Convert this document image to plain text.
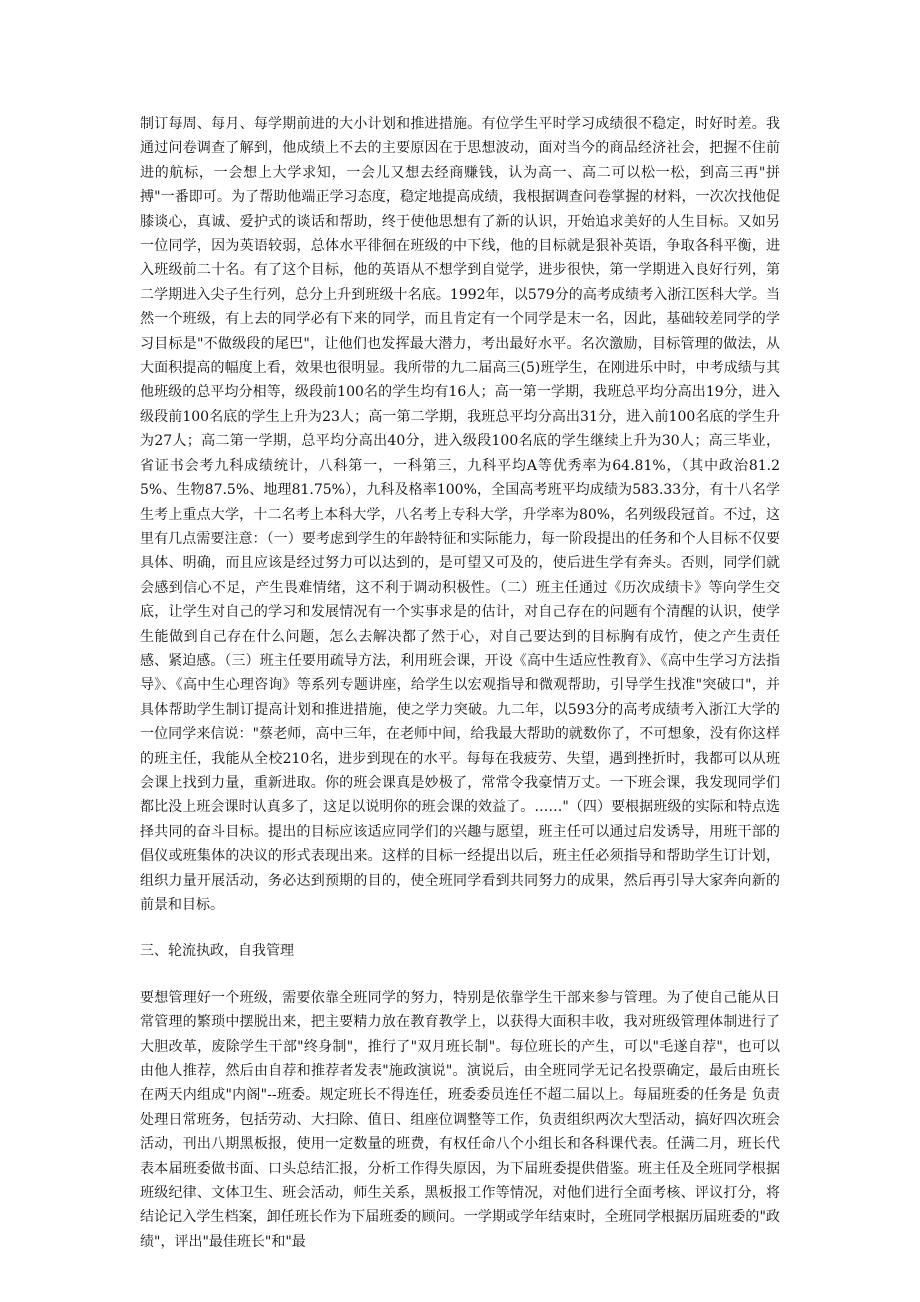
制订每周、每月、每学期前进的大小计划和推进措施。有位学生平时学习成绩很不稳定，时好时差。我通过问卷调查了解到，他成绩上不去的主要原因在于思想波动，面对当今的商品经济社会，把握不住前进的航标，一会想上大学求知，一会儿又想去经商赚钱，认为高一、高二可以松一松，到高三再"拼搏"一番即可。为了帮助他端正学习态度，稳定地提高成绩，我根据调查问卷掌握的材料，一次次找他促膝谈心，真诚、爱护式的谈话和帮助，终于使他思想有了新的认识，开始追求美好的人生目标。又如另一位同学，因为英语较弱，总体水平徘徊在班级的中下线，他的目标就是狠补英语，争取各科平衡，进入班级前二十名。有了这个目标，他的英语从不想学到自觉学，进步很快，第一学期进入良好行列，第二学期进入尖子生行列，总分上升到班级十名底。1992年，以579分的高考成绩考入浙江医科大学。当然一个班级，有上去的同学必有下来的同学，而且肯定有一个同学是末一名，因此，基础较差同学的学习目标是"不做级段的尾巴"，让他们也发挥最大潜力，考出最好水平。名次激励，目标管理的做法，从大面积提高的幅度上看，效果也很明显。我所带的九二届高三(5)班学生，在刚进乐中时，中考成绩与其他班级的总平均分相等，级段前100名的学生均有16人；高一第一学期，我班总平均分高出19分，进入级段前100名底的学生上升为23人；高一第二学期，我班总平均分高出31分，进入前100名底的学生升为27人；高二第一学期，总平均分高出40分，进入级段100名底的学生继续上升为30人；高三毕业，省证书会考九科成绩统计，八科第一，一科第三，九科平均A等优秀率为64.81%，（其中政治81.25%、生物87.5%、地理81.75%），九科及格率100%，全国高考班平均成绩为583.33分，有十八名学生考上重点大学，十二名考上本科大学，八名考上专科大学，升学率为80%，名列级段冠首。不过，这里有几点需要注意：（一）要考虑到学生的年龄特征和实际能力，每一阶段提出的任务和个人目标不仅要具体、明确，而且应该是经过努力可以达到的，是可望又可及的，使后进生学有奔头。否则，同学们就会感到信心不足，产生畏难情绪，这不利于调动积极性。（二）班主任通过《历次成绩卡》等向学生交底，让学生对自己的学习和发展情况有一个实事求是的估计，对自己存在的问题有个清醒的认识，使学生能做到自己存在什么问题，怎么去解决都了然于心，对自己要达到的目标胸有成竹，使之产生责任感、紧迫感。（三）班主任要用疏导方法，利用班会课，开设《高中生适应性教育》、《高中生学习方法指导》、《高中生心理咨询》等系列专题讲座，给学生以宏观指导和微观帮助，引导学生找准"突破口"，并具体帮助学生制订提高计划和推进措施，使之学力突破。九二年，以593分的高考成绩考入浙江大学的一位同学来信说："蔡老师，高中三年，在老师中间，给我最大帮助的就数你了，不可想象，没有你这样的班主任，我能从全校210名，进步到现在的水平。每每在我疲劳、失望，遇到挫折时，我都可以从班会课上找到力量，重新进取。你的班会课真是妙极了，常常令我豪情万丈。一下班会课，我发现同学们都比没上班会课时认真多了，这足以说明你的班会课的效益了。……"（四）要根据班级的实际和特点选择共同的奋斗目标。提出的目标应该适应同学们的兴趣与愿望，班主任可以通过启发诱导，用班干部的倡仪或班集体的决议的形式表现出来。这样的目标一经提出以后，班主任必须指导和帮助学生订计划，组织力量开展活动，务必达到预期的目的，使全班同学看到共同努力的成果，然后再引导大家奔向新的前景和目标。

三、轮流执政，自我管理

要想管理好一个班级，需要依靠全班同学的努力，特别是依靠学生干部来参与管理。为了使自己能从日常管理的繁琐中摆脱出来，把主要精力放在教育教学上，以获得大面积丰收，我对班级管理体制进行了大胆改革，废除学生干部"终身制"，推行了"双月班长制"。每位班长的产生，可以"毛遂自荐"，也可以由他人推荐，然后由自荐和推荐者发表"施政演说"。演说后，由全班同学无记名投票确定，最后由班长在两天内组成"内阁"--班委。规定班长不得连任，班委委员连任不超二届以上。每届班委的任务是 负责处理日常班务，包括劳动、大扫除、值日、组座位调整等工作，负责组织两次大型活动，搞好四次班会活动，刊出八期黑板报，使用一定数量的班费，有权任命八个小组长和各科课代表。任满二月，班长代表本届班委做书面、口头总结汇报，分析工作得失原因，为下届班委提供借鉴。班主任及全班同学根据班级纪律、文体卫生、班会活动，师生关系，黑板报工作等情况，对他们进行全面考核、评议打分，将结论记入学生档案，卸任班长作为下届班委的顾问。一学期或学年结束时，全班同学根据历届班委的"政绩"，评出"最佳班长"和"最
